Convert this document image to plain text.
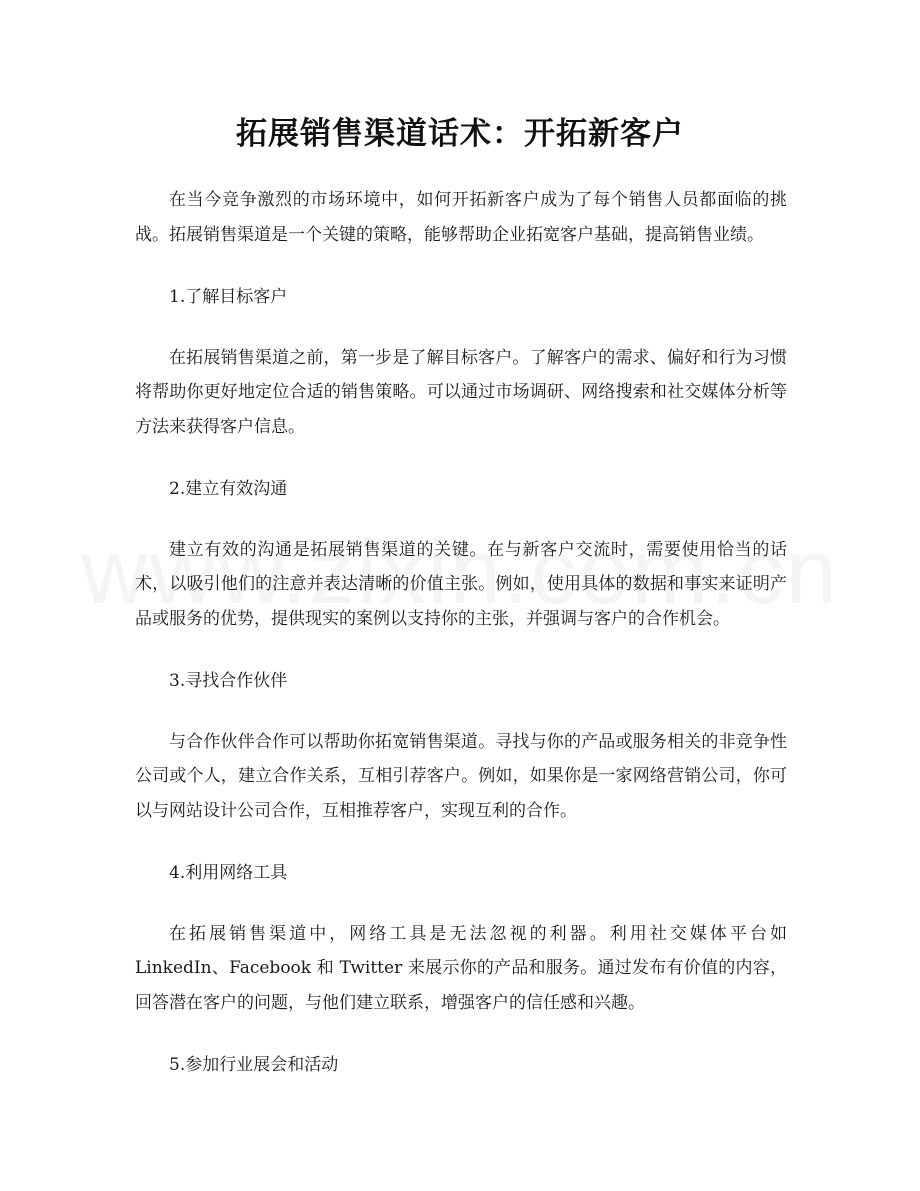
拓展销售渠道话术：开拓新客户

在当今竞争激烈的市场环境中，如何开拓新客户成为了每个销售人员都面临的挑战。拓展销售渠道是一个关键的策略，能够帮助企业拓宽客户基础，提高销售业绩。

1.了解目标客户

在拓展销售渠道之前，第一步是了解目标客户。了解客户的需求、偏好和行为习惯将帮助你更好地定位合适的销售策略。可以通过市场调研、网络搜索和社交媒体分析等方法来获得客户信息。

2.建立有效沟通

建立有效的沟通是拓展销售渠道的关键。在与新客户交流时，需要使用恰当的话术，以吸引他们的注意并表达清晰的价值主张。例如，使用具体的数据和事实来证明产品或服务的优势，提供现实的案例以支持你的主张，并强调与客户的合作机会。

3.寻找合作伙伴

与合作伙伴合作可以帮助你拓宽销售渠道。寻找与你的产品或服务相关的非竞争性公司或个人，建立合作关系，互相引荐客户。例如，如果你是一家网络营销公司，你可以与网站设计公司合作，互相推荐客户，实现互利的合作。

4.利用网络工具

在拓展销售渠道中，网络工具是无法忽视的利器。利用社交媒体平台如 LinkedIn、Facebook 和 Twitter 来展示你的产品和服务。通过发布有价值的内容，回答潜在客户的问题，与他们建立联系，增强客户的信任感和兴趣。

5.参加行业展会和活动
